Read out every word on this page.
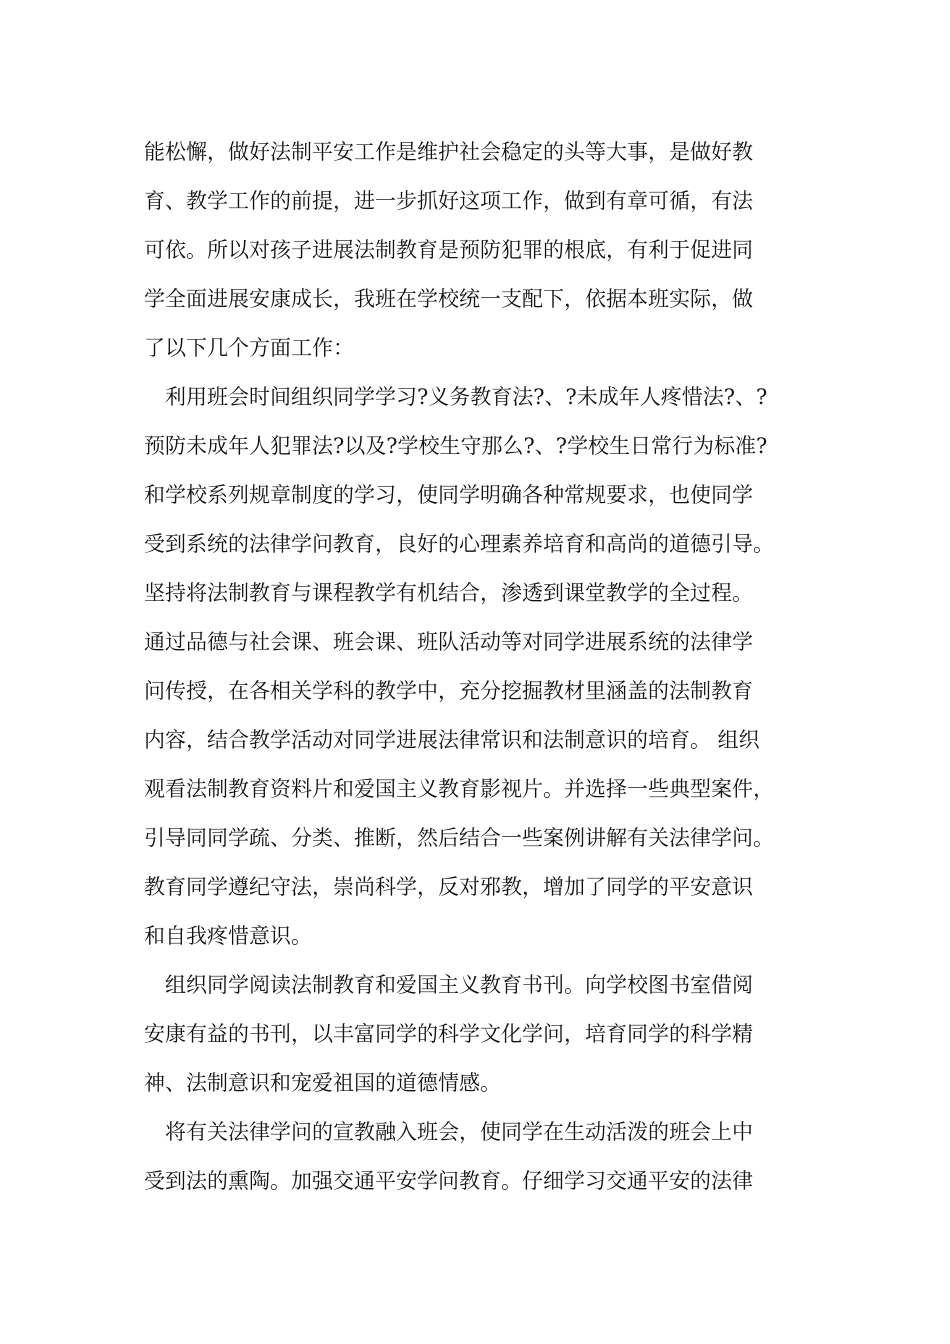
能松懈，做好法制平安工作是维护社会稳定的头等大事，是做好教
育、教学工作的前提，进一步抓好这项工作，做到有章可循，有法
可依。所以对孩子进展法制教育是预防犯罪的根底，有利于促进同
学全面进展安康成长，我班在学校统一支配下，依据本班实际，做
了以下几个方面工作：
利用班会时间组织同学学习?义务教育法?、?未成年人疼惜法?、?
预防未成年人犯罪法?以及?学校生守那么?、?学校生日常行为标准?
和学校系列规章制度的学习，使同学明确各种常规要求，也使同学
受到系统的法律学问教育，良好的心理素养培育和高尚的道德引导。
坚持将法制教育与课程教学有机结合，渗透到课堂教学的全过程。
通过品德与社会课、班会课、班队活动等对同学进展系统的法律学
问传授，在各相关学科的教学中，充分挖掘教材里涵盖的法制教育
内容，结合教学活动对同学进展法律常识和法制意识的培育。 组织
观看法制教育资料片和爱国主义教育影视片。并选择一些典型案件，
引导同同学疏、分类、推断，然后结合一些案例讲解有关法律学问。
教育同学遵纪守法，崇尚科学，反对邪教，增加了同学的平安意识
和自我疼惜意识。
组织同学阅读法制教育和爱国主义教育书刊。向学校图书室借阅
安康有益的书刊，以丰富同学的科学文化学问，培育同学的科学精
神、法制意识和宠爱祖国的道德情感。
将有关法律学问的宣教融入班会，使同学在生动活泼的班会上中
受到法的熏陶。加强交通平安学问教育。仔细学习交通平安的法律
